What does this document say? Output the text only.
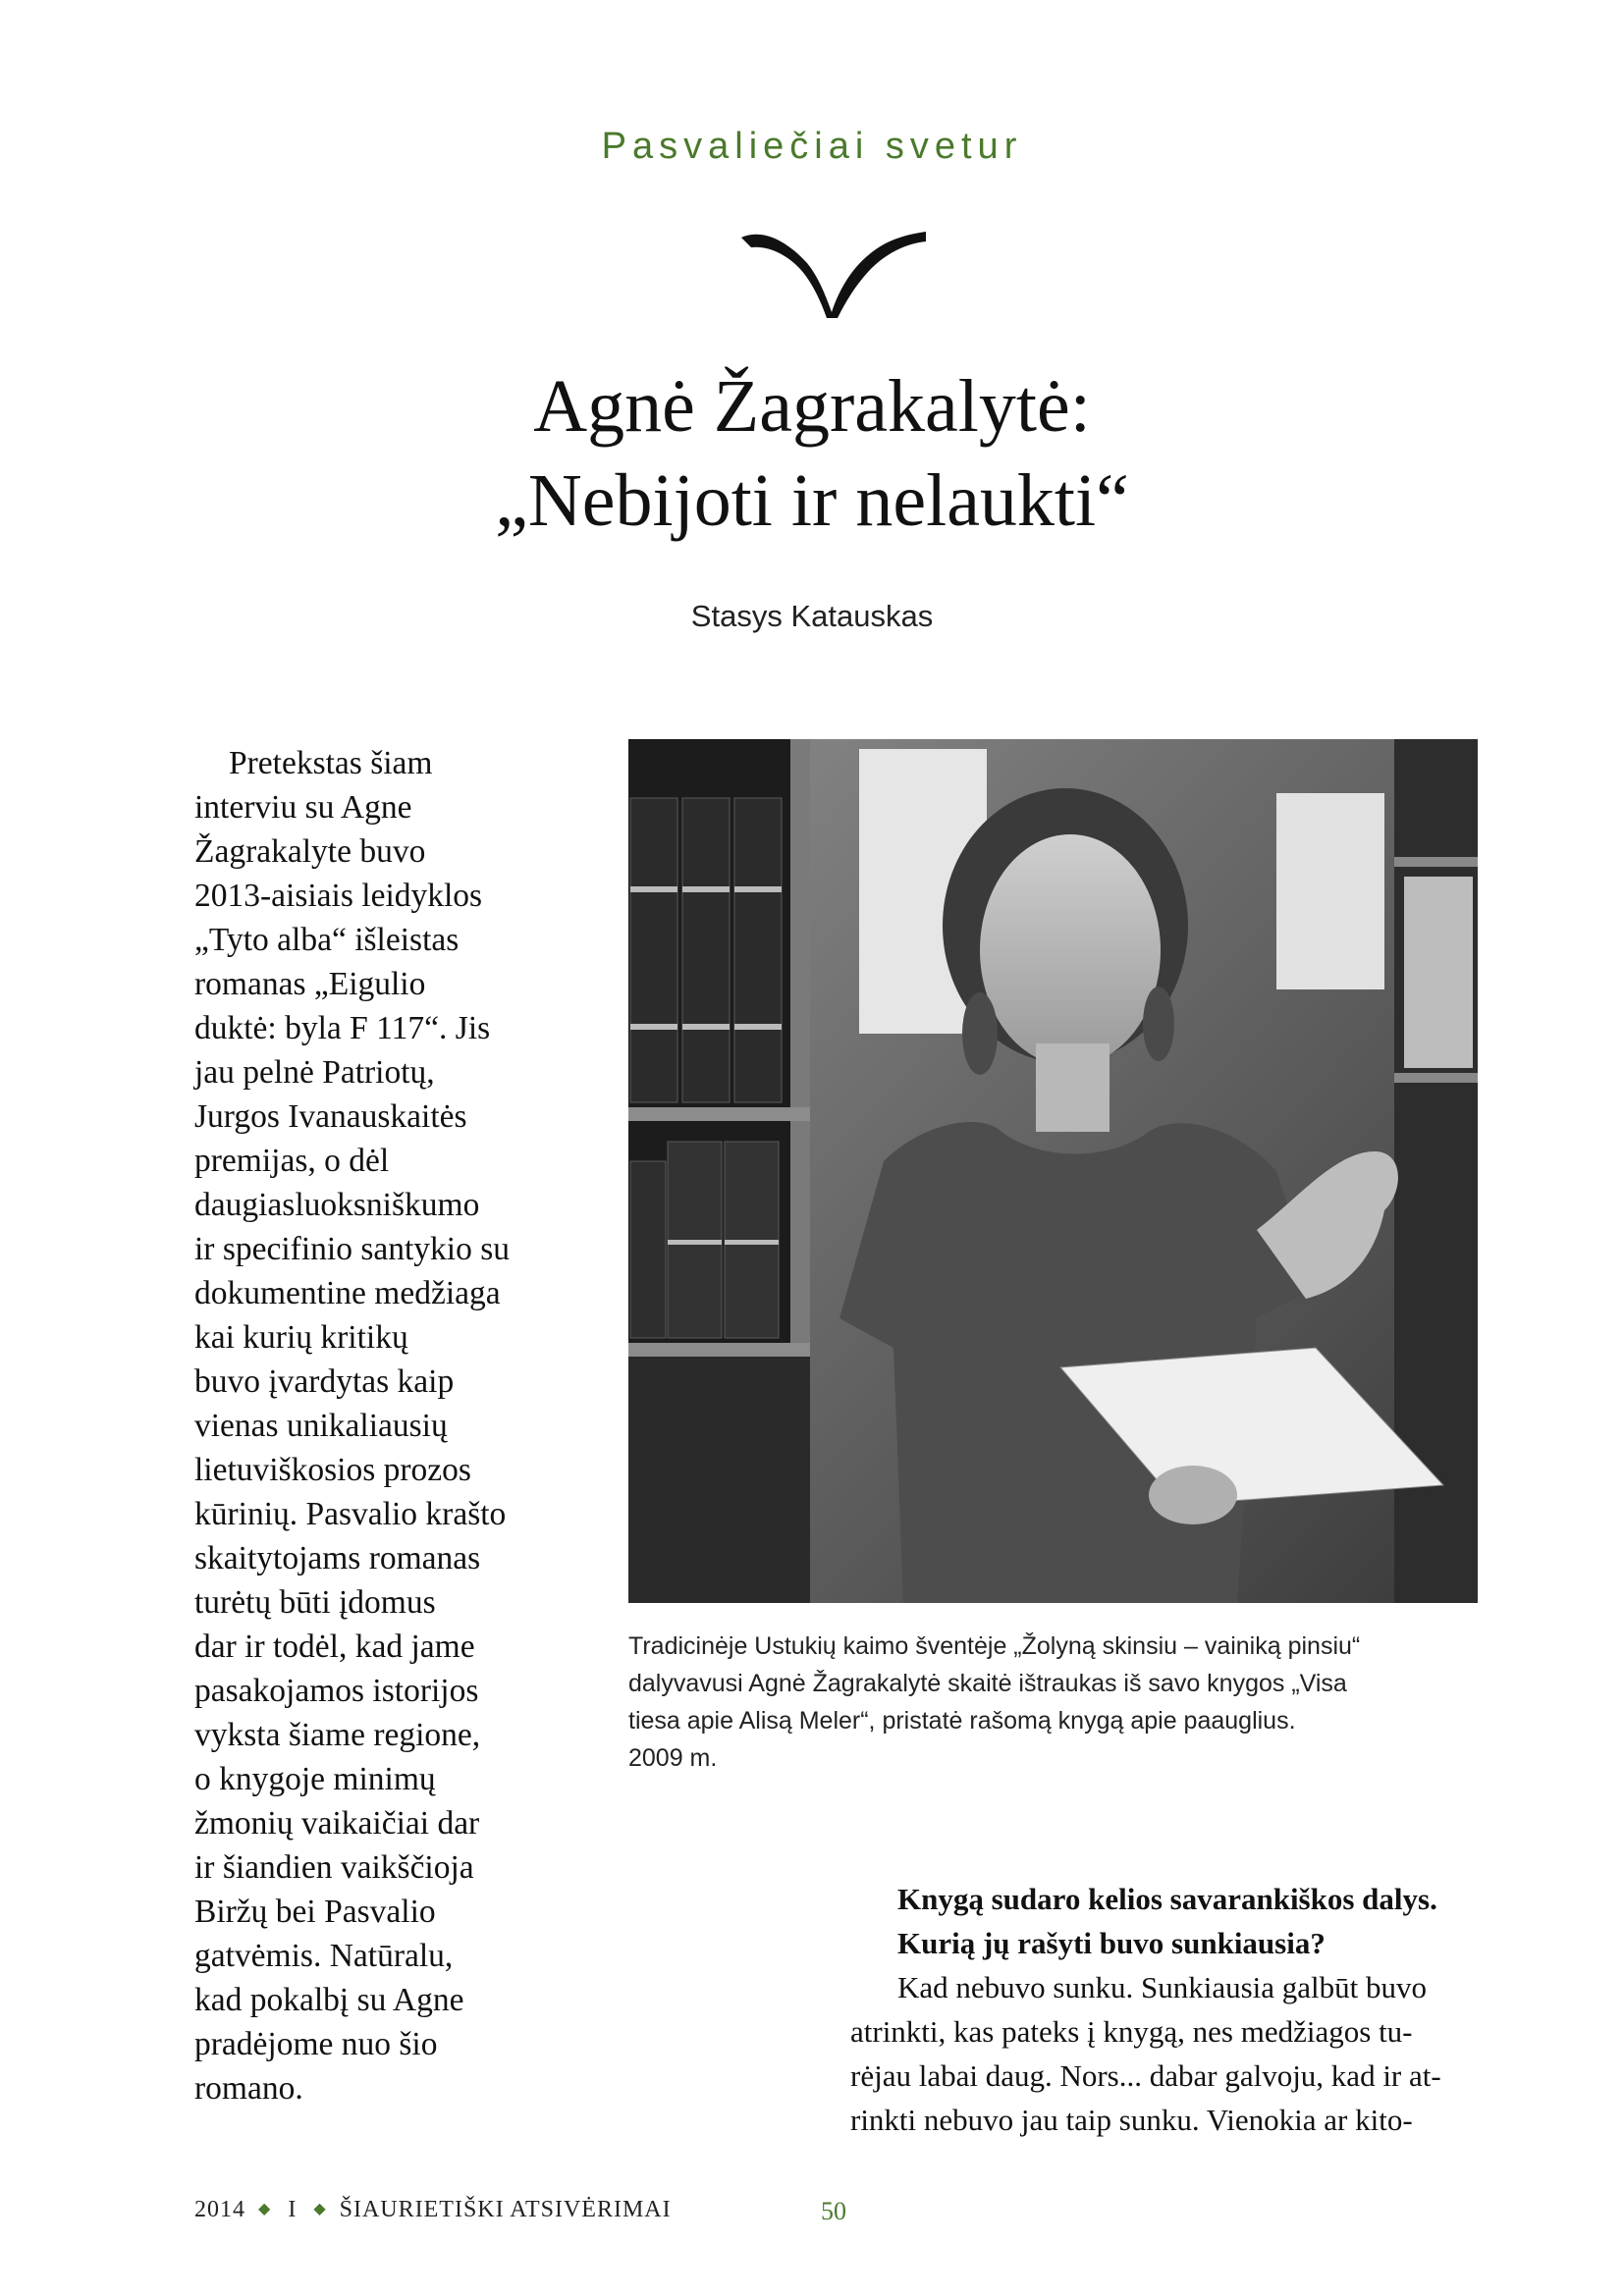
Pasvaliečiai svetur
Agnė Žagrakalytė:
„Nebijoti ir nelaukti“
Stasys Katauskas
Pretekstas šiam
interviu su Agne
Žagrakalyte buvo
2013-aisiais leidyklos
„Tyto alba“ išleistas
romanas „Eigulio
duktė: byla F 117“. Jis
jau pelnė Patriotų,
Jurgos Ivanauskaitės
premijas, o dėl
daugiasluoksniškumo
ir specifinio santykio su
dokumentine medžiaga
kai kurių kritikų
buvo įvardytas kaip
vienas unikaliausių
lietuviškosios prozos
kūrinių. Pasvalio krašto
skaitytojams romanas
turėtų būti įdomus
dar ir todėl, kad jame
pasakojamos istorijos
vyksta šiame regione,
o knygoje minimų
žmonių vaikaičiai dar
ir šiandien vaikščioja
Biržų bei Pasvalio
gatvėmis. Natūralu,
kad pokalbį su Agne
pradėjome nuo šio
romano.
Tradicinėje Ustukių kaimo šventėje „Žolyną skinsiu – vainiką pinsiu“
dalyvavusi Agnė Žagrakalytė skaitė ištraukas iš savo knygos „Visa
tiesa apie Alisą Meler“, pristatė rašomą knygą apie paauglius.
2009 m.
Knygą sudaro kelios savarankiškos dalys.
Kurią jų rašyti buvo sunkiausia?
Kad nebuvo sunku. Sunkiausia galbūt buvo
atrinkti, kas pateks į knygą, nes medžiagos tu-
rėjau labai daug. Nors... dabar galvoju, kad ir at-
rinkti nebuvo jau taip sunku. Vienokia ar kito-
2014 ◆ I ◆ ŠIAURIETIŠKI ATSIVĖRIMAI	50
